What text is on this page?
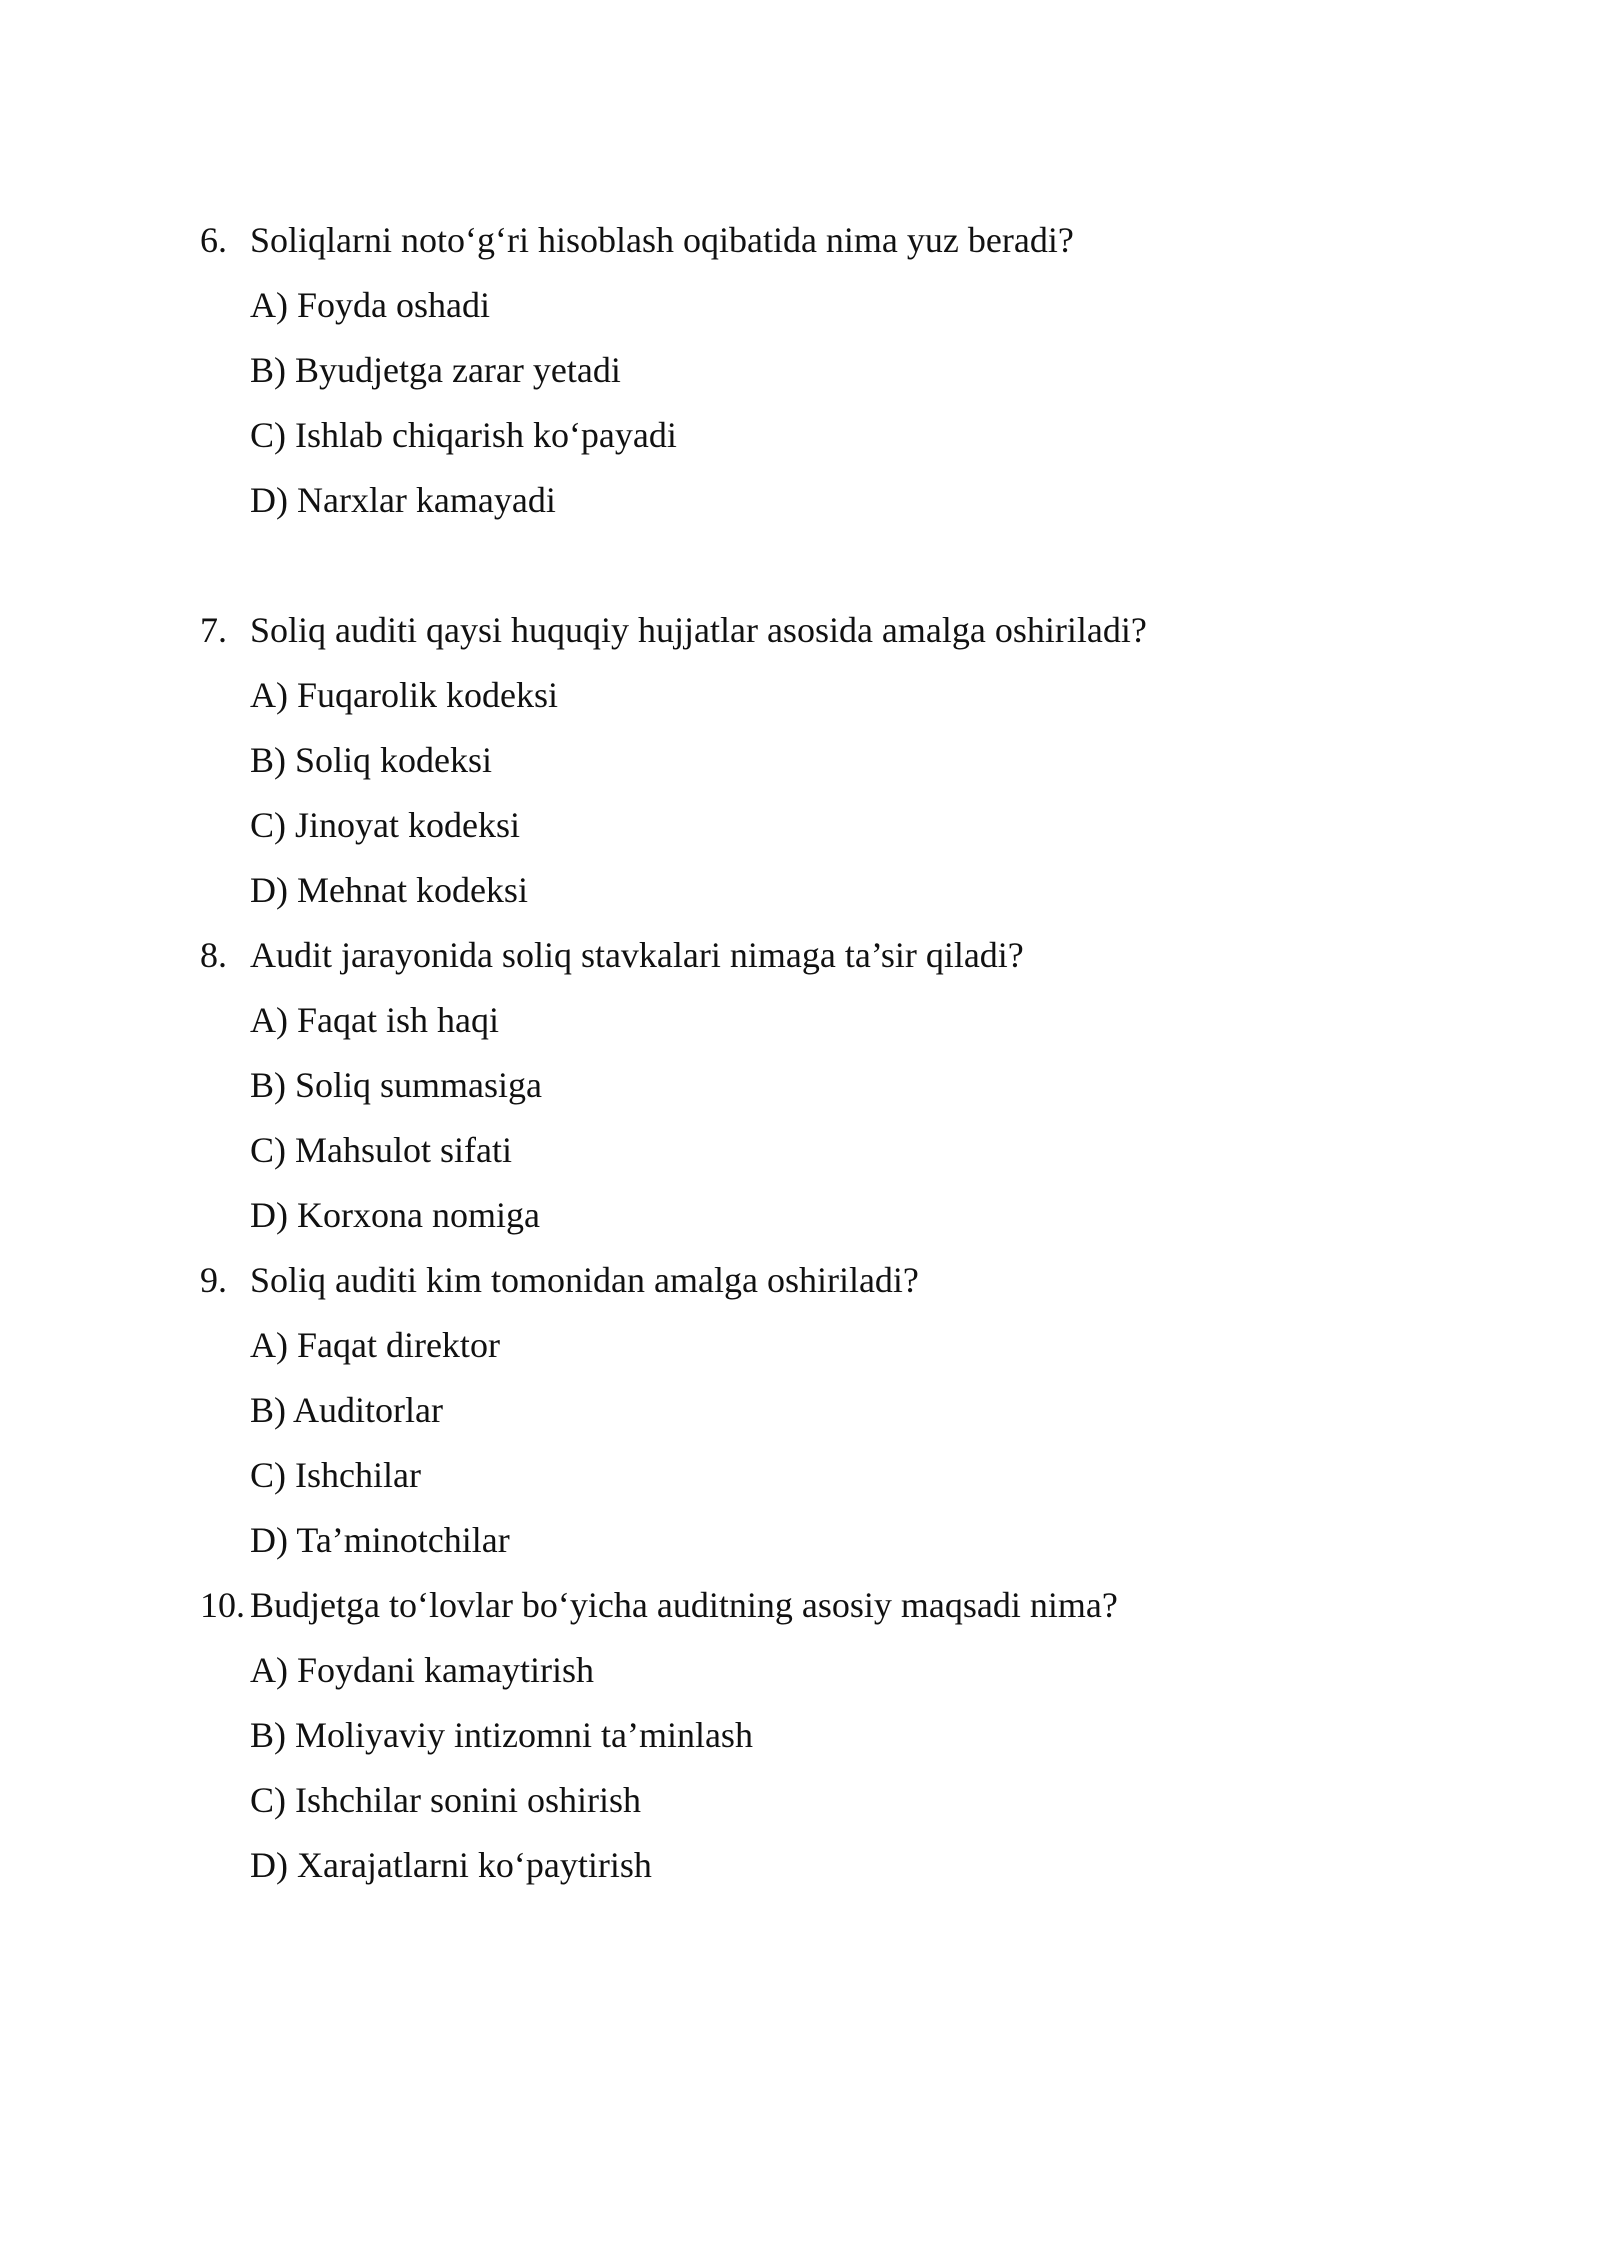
6. Soliqlarni noto‘g‘ri hisoblash oqibatida nima yuz beradi?
A) Foyda oshadi
B) Byudjetga zarar yetadi
C) Ishlab chiqarish ko‘payadi
D) Narxlar kamayadi
7. Soliq auditi qaysi huquqiy hujjatlar asosida amalga oshiriladi?
A) Fuqarolik kodeksi
B) Soliq kodeksi
C) Jinoyat kodeksi
D) Mehnat kodeksi
8. Audit jarayonida soliq stavkalari nimaga ta’sir qiladi?
A) Faqat ish haqi
B) Soliq summasiga
C) Mahsulot sifati
D) Korxona nomiga
9. Soliq auditi kim tomonidan amalga oshiriladi?
A) Faqat direktor
B) Auditorlar
C) Ishchilar
D) Ta’minotchilar
10. Budjetga to‘lovlar bo‘yicha auditning asosiy maqsadi nima?
A) Foydani kamaytirish
B) Moliyaviy intizomni ta’minlash
C) Ishchilar sonini oshirish
D) Xarajatlarni ko‘paytirish
